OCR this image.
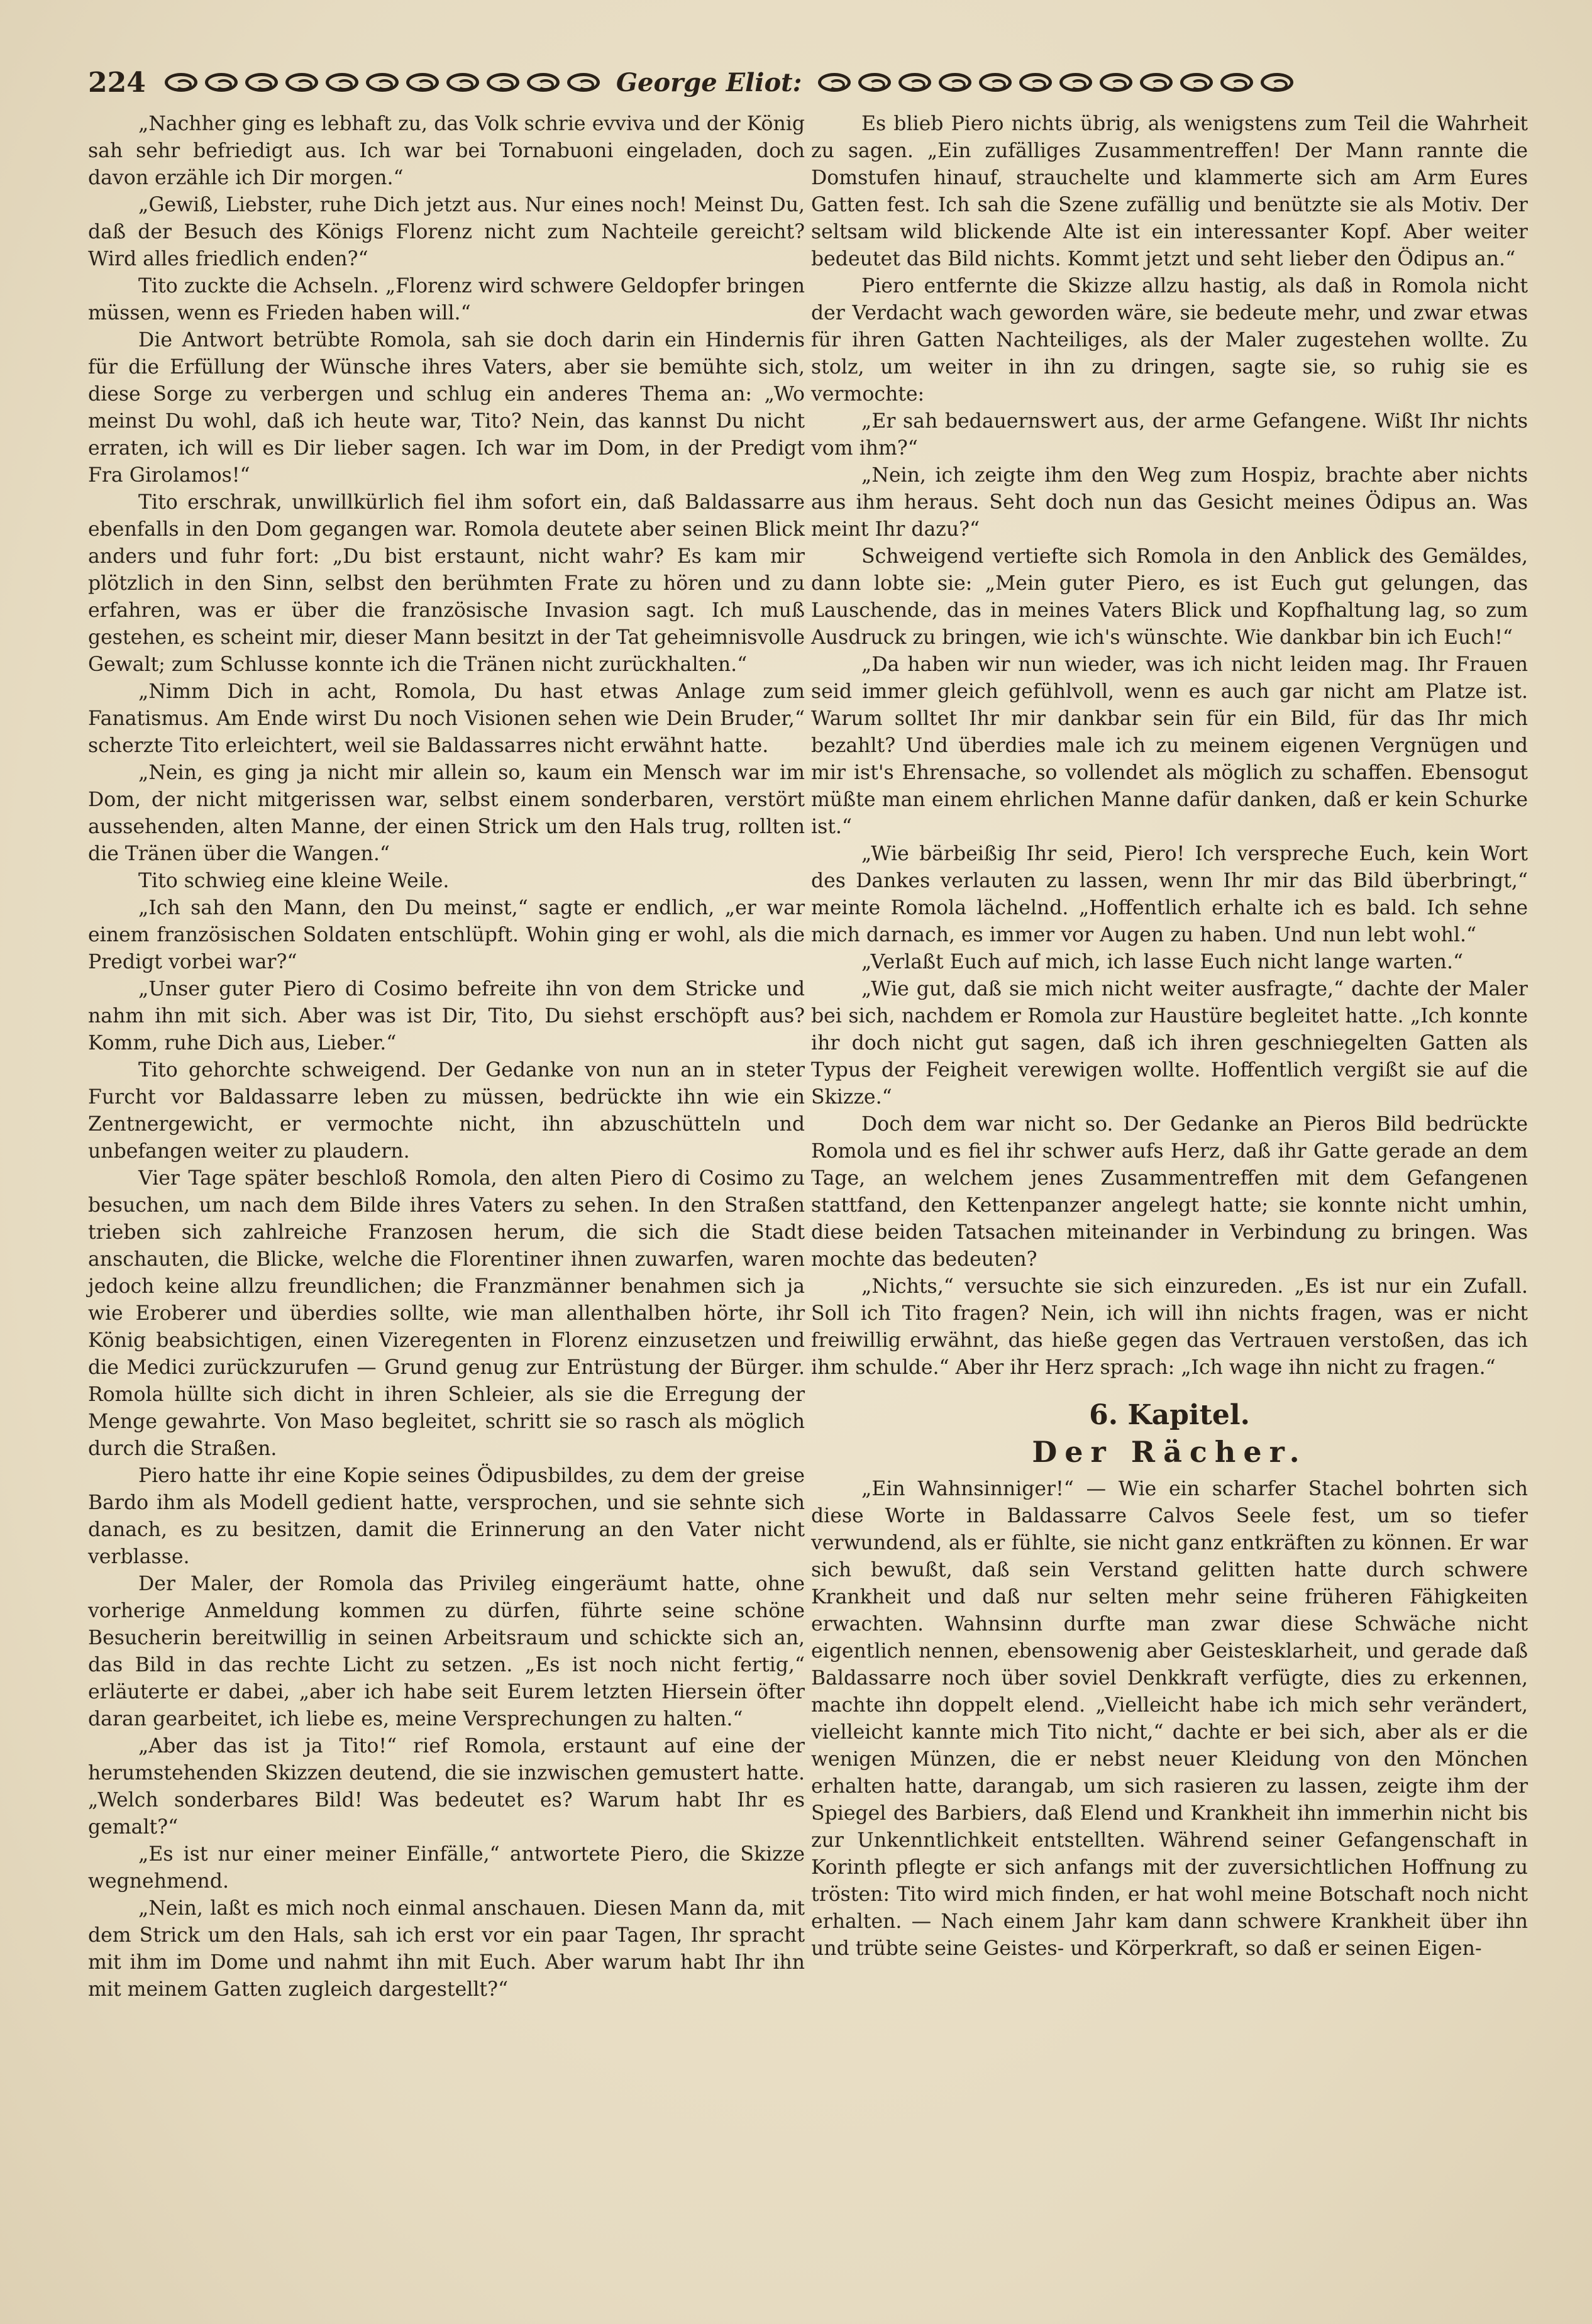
224	George Eliot:

„Nachher ging es lebhaft zu, das Volk schrie evviva und der König sah sehr befriedigt aus. Ich war bei Tornabuoni eingeladen, doch davon erzähle ich Dir morgen.“

„Gewiß, Liebster, ruhe Dich jetzt aus. Nur eines noch! Meinst Du, daß der Besuch des Königs Florenz nicht zum Nachteile gereicht? Wird alles friedlich enden?“

Tito zuckte die Achseln. „Florenz wird schwere Geldopfer bringen müssen, wenn es Frieden haben will.“

Die Antwort betrübte Romola, sah sie doch darin ein Hindernis für die Erfüllung der Wünsche ihres Vaters, aber sie bemühte sich, diese Sorge zu verbergen und schlug ein anderes Thema an: „Wo meinst Du wohl, daß ich heute war, Tito? Nein, das kannst Du nicht erraten, ich will es Dir lieber sagen. Ich war im Dom, in der Predigt Fra Girolamos!“

Tito erschrak, unwillkürlich fiel ihm sofort ein, daß Baldassarre ebenfalls in den Dom gegangen war. Romola deutete aber seinen Blick anders und fuhr fort: „Du bist erstaunt, nicht wahr? Es kam mir plötzlich in den Sinn, selbst den berühmten Frate zu hören und zu erfahren, was er über die französische Invasion sagt. Ich muß gestehen, es scheint mir, dieser Mann besitzt in der Tat geheimnisvolle Gewalt; zum Schlusse konnte ich die Tränen nicht zurückhalten.“

„Nimm Dich in acht, Romola, Du hast etwas Anlage zum Fanatismus. Am Ende wirst Du noch Visionen sehen wie Dein Bruder,“ scherzte Tito erleichtert, weil sie Baldassarres nicht erwähnt hatte.

„Nein, es ging ja nicht mir allein so, kaum ein Mensch war im Dom, der nicht mitgerissen war, selbst einem sonderbaren, verstört aussehenden, alten Manne, der einen Strick um den Hals trug, rollten die Tränen über die Wangen.“

Tito schwieg eine kleine Weile.

„Ich sah den Mann, den Du meinst,“ sagte er endlich, „er war einem französischen Soldaten entschlüpft. Wohin ging er wohl, als die Predigt vorbei war?“

„Unser guter Piero di Cosimo befreite ihn von dem Stricke und nahm ihn mit sich. Aber was ist Dir, Tito, Du siehst erschöpft aus? Komm, ruhe Dich aus, Lieber.“

Tito gehorchte schweigend. Der Gedanke von nun an in steter Furcht vor Baldassarre leben zu müssen, bedrückte ihn wie ein Zentnergewicht, er vermochte nicht, ihn abzuschütteln und unbefangen weiter zu plaudern.

Vier Tage später beschloß Romola, den alten Piero di Cosimo zu besuchen, um nach dem Bilde ihres Vaters zu sehen. In den Straßen trieben sich zahlreiche Franzosen herum, die sich die Stadt anschauten, die Blicke, welche die Florentiner ihnen zuwarfen, waren jedoch keine allzu freundlichen; die Franzmänner benahmen sich ja wie Eroberer und überdies sollte, wie man allenthalben hörte, ihr König beabsichtigen, einen Vizeregenten in Florenz einzusetzen und die Medici zurückzurufen — Grund genug zur Entrüstung der Bürger. Romola hüllte sich dicht in ihren Schleier, als sie die Erregung der Menge gewahrte. Von Maso begleitet, schritt sie so rasch als möglich durch die Straßen.

Piero hatte ihr eine Kopie seines Ödipusbildes, zu dem der greise Bardo ihm als Modell gedient hatte, versprochen, und sie sehnte sich danach, es zu besitzen, damit die Erinnerung an den Vater nicht verblasse.

Der Maler, der Romola das Privileg eingeräumt hatte, ohne vorherige Anmeldung kommen zu dürfen, führte seine schöne Besucherin bereitwillig in seinen Arbeitsraum und schickte sich an, das Bild in das rechte Licht zu setzen. „Es ist noch nicht fertig,“ erläuterte er dabei, „aber ich habe seit Eurem letzten Hiersein öfter daran gearbeitet, ich liebe es, meine Versprechungen zu halten.“

„Aber das ist ja Tito!“ rief Romola, erstaunt auf eine der herumstehenden Skizzen deutend, die sie inzwischen gemustert hatte. „Welch sonderbares Bild! Was bedeutet es? Warum habt Ihr es gemalt?“

„Es ist nur einer meiner Einfälle,“ antwortete Piero, die Skizze wegnehmend.

„Nein, laßt es mich noch einmal anschauen. Diesen Mann da, mit dem Strick um den Hals, sah ich erst vor ein paar Tagen, Ihr spracht mit ihm im Dome und nahmt ihn mit Euch. Aber warum habt Ihr ihn mit meinem Gatten zugleich dargestellt?“

Es blieb Piero nichts übrig, als wenigstens zum Teil die Wahrheit zu sagen. „Ein zufälliges Zusammentreffen! Der Mann rannte die Domstufen hinauf, strauchelte und klammerte sich am Arm Eures Gatten fest. Ich sah die Szene zufällig und benützte sie als Motiv. Der seltsam wild blickende Alte ist ein interessanter Kopf. Aber weiter bedeutet das Bild nichts. Kommt jetzt und seht lieber den Ödipus an.“

Piero entfernte die Skizze allzu hastig, als daß in Romola nicht der Verdacht wach geworden wäre, sie bedeute mehr, und zwar etwas für ihren Gatten Nachteiliges, als der Maler zugestehen wollte. Zu stolz, um weiter in ihn zu dringen, sagte sie, so ruhig sie es vermochte:

„Er sah bedauernswert aus, der arme Gefangene. Wißt Ihr nichts vom ihm?“

„Nein, ich zeigte ihm den Weg zum Hospiz, brachte aber nichts aus ihm heraus. Seht doch nun das Gesicht meines Ödipus an. Was meint Ihr dazu?“

Schweigend vertiefte sich Romola in den Anblick des Gemäldes, dann lobte sie: „Mein guter Piero, es ist Euch gut gelungen, das Lauschende, das in meines Vaters Blick und Kopfhaltung lag, so zum Ausdruck zu bringen, wie ich's wünschte. Wie dankbar bin ich Euch!“

„Da haben wir nun wieder, was ich nicht leiden mag. Ihr Frauen seid immer gleich gefühlvoll, wenn es auch gar nicht am Platze ist. Warum solltet Ihr mir dankbar sein für ein Bild, für das Ihr mich bezahlt? Und überdies male ich zu meinem eigenen Vergnügen und mir ist's Ehrensache, so vollendet als möglich zu schaffen. Ebensogut müßte man einem ehrlichen Manne dafür danken, daß er kein Schurke ist.“

„Wie bärbeißig Ihr seid, Piero! Ich verspreche Euch, kein Wort des Dankes verlauten zu lassen, wenn Ihr mir das Bild überbringt,“ meinte Romola lächelnd. „Hoffentlich erhalte ich es bald. Ich sehne mich darnach, es immer vor Augen zu haben. Und nun lebt wohl.“

„Verlaßt Euch auf mich, ich lasse Euch nicht lange warten.“

„Wie gut, daß sie mich nicht weiter ausfragte,“ dachte der Maler bei sich, nachdem er Romola zur Haustüre begleitet hatte. „Ich konnte ihr doch nicht gut sagen, daß ich ihren geschniegelten Gatten als Typus der Feigheit verewigen wollte. Hoffentlich vergißt sie auf die Skizze.“

Doch dem war nicht so. Der Gedanke an Pieros Bild bedrückte Romola und es fiel ihr schwer aufs Herz, daß ihr Gatte gerade an dem Tage, an welchem jenes Zusammentreffen mit dem Gefangenen stattfand, den Kettenpanzer angelegt hatte; sie konnte nicht umhin, diese beiden Tatsachen miteinander in Verbindung zu bringen. Was mochte das bedeuten?

„Nichts,“ versuchte sie sich einzureden. „Es ist nur ein Zufall. Soll ich Tito fragen? Nein, ich will ihn nichts fragen, was er nicht freiwillig erwähnt, das hieße gegen das Vertrauen verstoßen, das ich ihm schulde.“ Aber ihr Herz sprach: „Ich wage ihn nicht zu fragen.“

6. Kapitel.
Der Rächer.

„Ein Wahnsinniger!“ — Wie ein scharfer Stachel bohrten sich diese Worte in Baldassarre Calvos Seele fest, um so tiefer verwundend, als er fühlte, sie nicht ganz entkräften zu können. Er war sich bewußt, daß sein Verstand gelitten hatte durch schwere Krankheit und daß nur selten mehr seine früheren Fähigkeiten erwachten. Wahnsinn durfte man zwar diese Schwäche nicht eigentlich nennen, ebensowenig aber Geistesklarheit, und gerade daß Baldassarre noch über soviel Denkkraft verfügte, dies zu erkennen, machte ihn doppelt elend. „Vielleicht habe ich mich sehr verändert, vielleicht kannte mich Tito nicht,“ dachte er bei sich, aber als er die wenigen Münzen, die er nebst neuer Kleidung von den Mönchen erhalten hatte, darangab, um sich rasieren zu lassen, zeigte ihm der Spiegel des Barbiers, daß Elend und Krankheit ihn immerhin nicht bis zur Unkenntlichkeit entstellten. Während seiner Gefangenschaft in Korinth pflegte er sich anfangs mit der zuversichtlichen Hoffnung zu trösten: Tito wird mich finden, er hat wohl meine Botschaft noch nicht erhalten. — Nach einem Jahr kam dann schwere Krankheit über ihn und trübte seine Geistes- und Körperkraft, so daß er seinen Eigen-
